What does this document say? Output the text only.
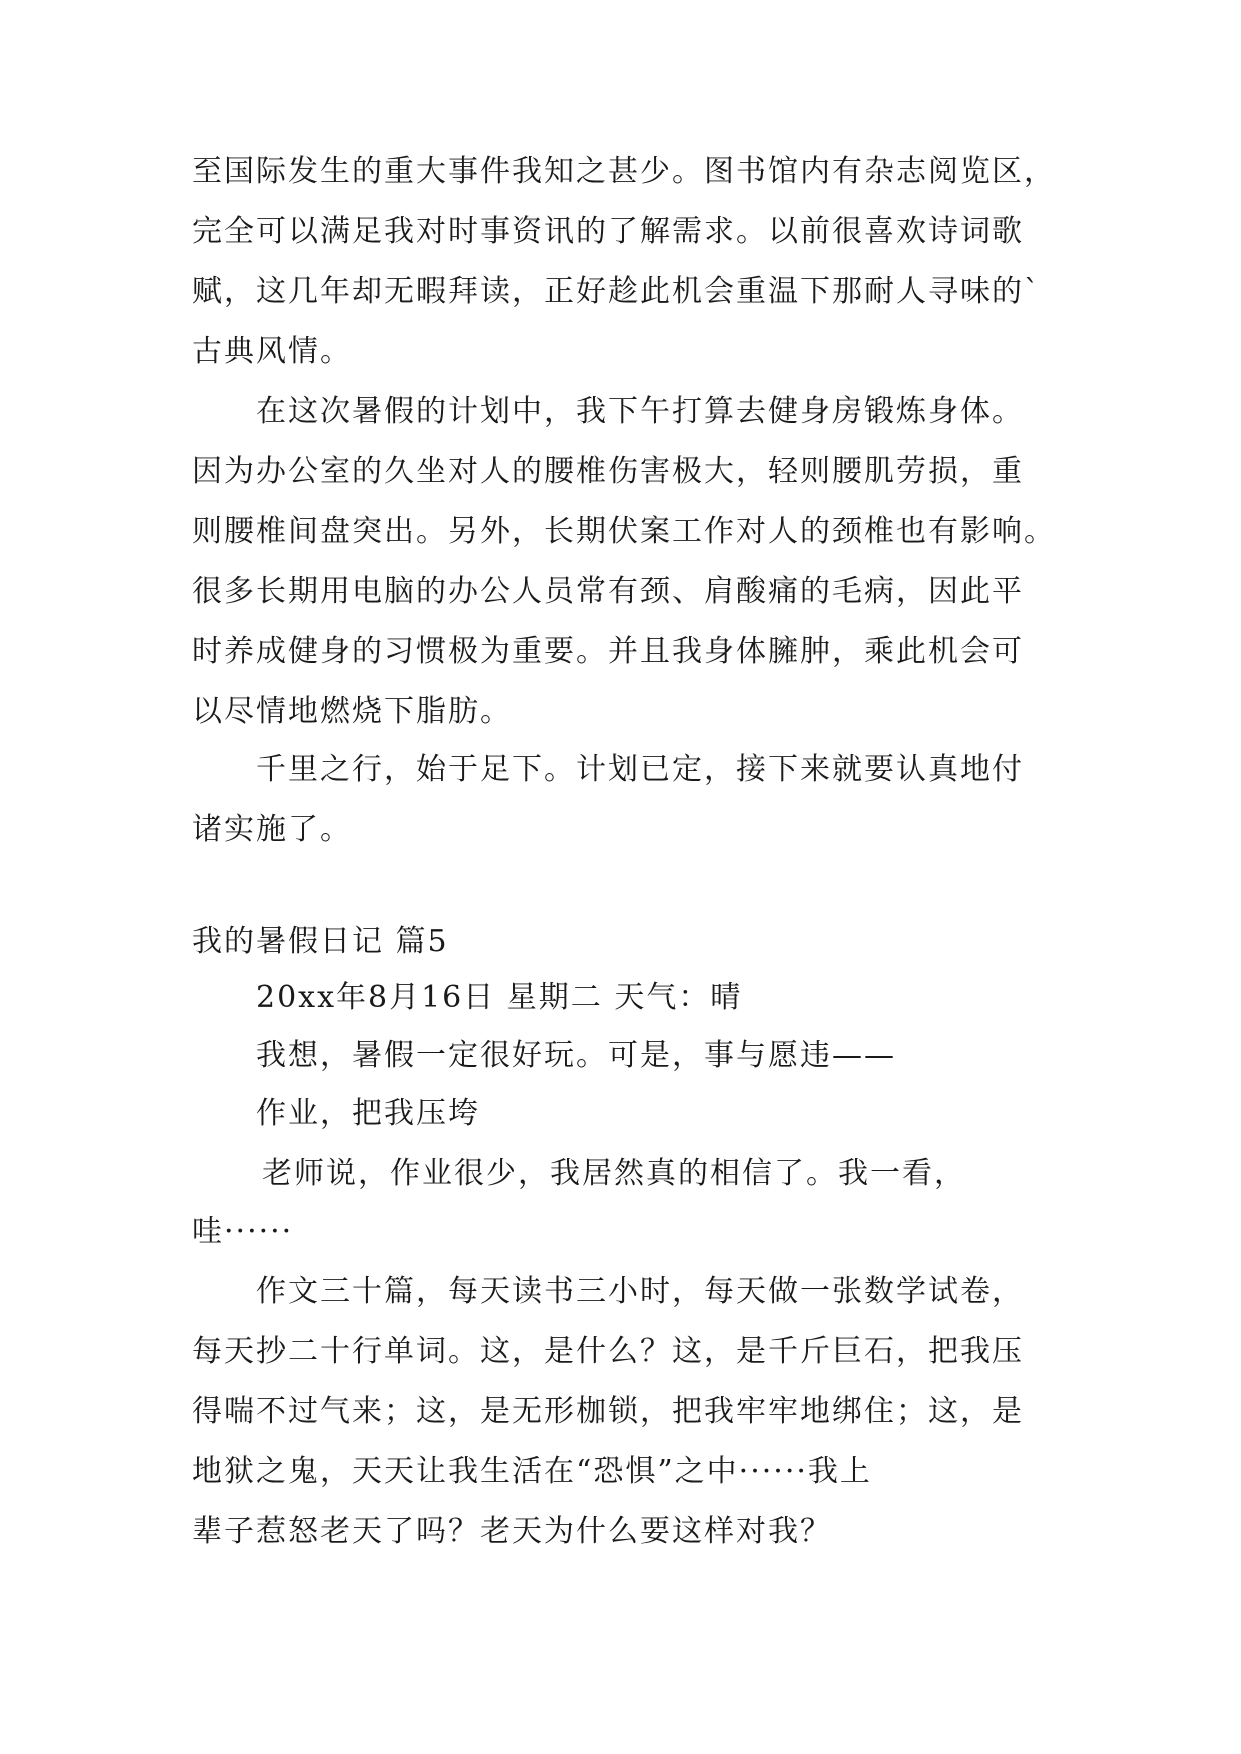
至国际发生的重大事件我知之甚少。图书馆内有杂志阅览区，
完全可以满足我对时事资讯的了解需求。以前很喜欢诗词歌
赋，这几年却无暇拜读，正好趁此机会重温下那耐人寻味的`
古典风情。
在这次暑假的计划中，我下午打算去健身房锻炼身体。
因为办公室的久坐对人的腰椎伤害极大，轻则腰肌劳损，重
则腰椎间盘突出。另外，长期伏案工作对人的颈椎也有影响。
很多长期用电脑的办公人员常有颈、肩酸痛的毛病，因此平
时养成健身的习惯极为重要。并且我身体臃肿，乘此机会可
以尽情地燃烧下脂肪。
千里之行，始于足下。计划已定，接下来就要认真地付
诸实施了。
我的暑假日记 篇5
20xx年8月16日 星期二 天气：晴
我想，暑假一定很好玩。可是，事与愿违——
作业，把我压垮
老师说，作业很少，我居然真的相信了。我一看，
哇······
作文三十篇，每天读书三小时，每天做一张数学试卷，
每天抄二十行单词。这，是什么？这，是千斤巨石，把我压
得喘不过气来；这，是无形枷锁，把我牢牢地绑住；这，是
地狱之鬼，天天让我生活在“恐惧”之中······我上
辈子惹怒老天了吗？老天为什么要这样对我？
